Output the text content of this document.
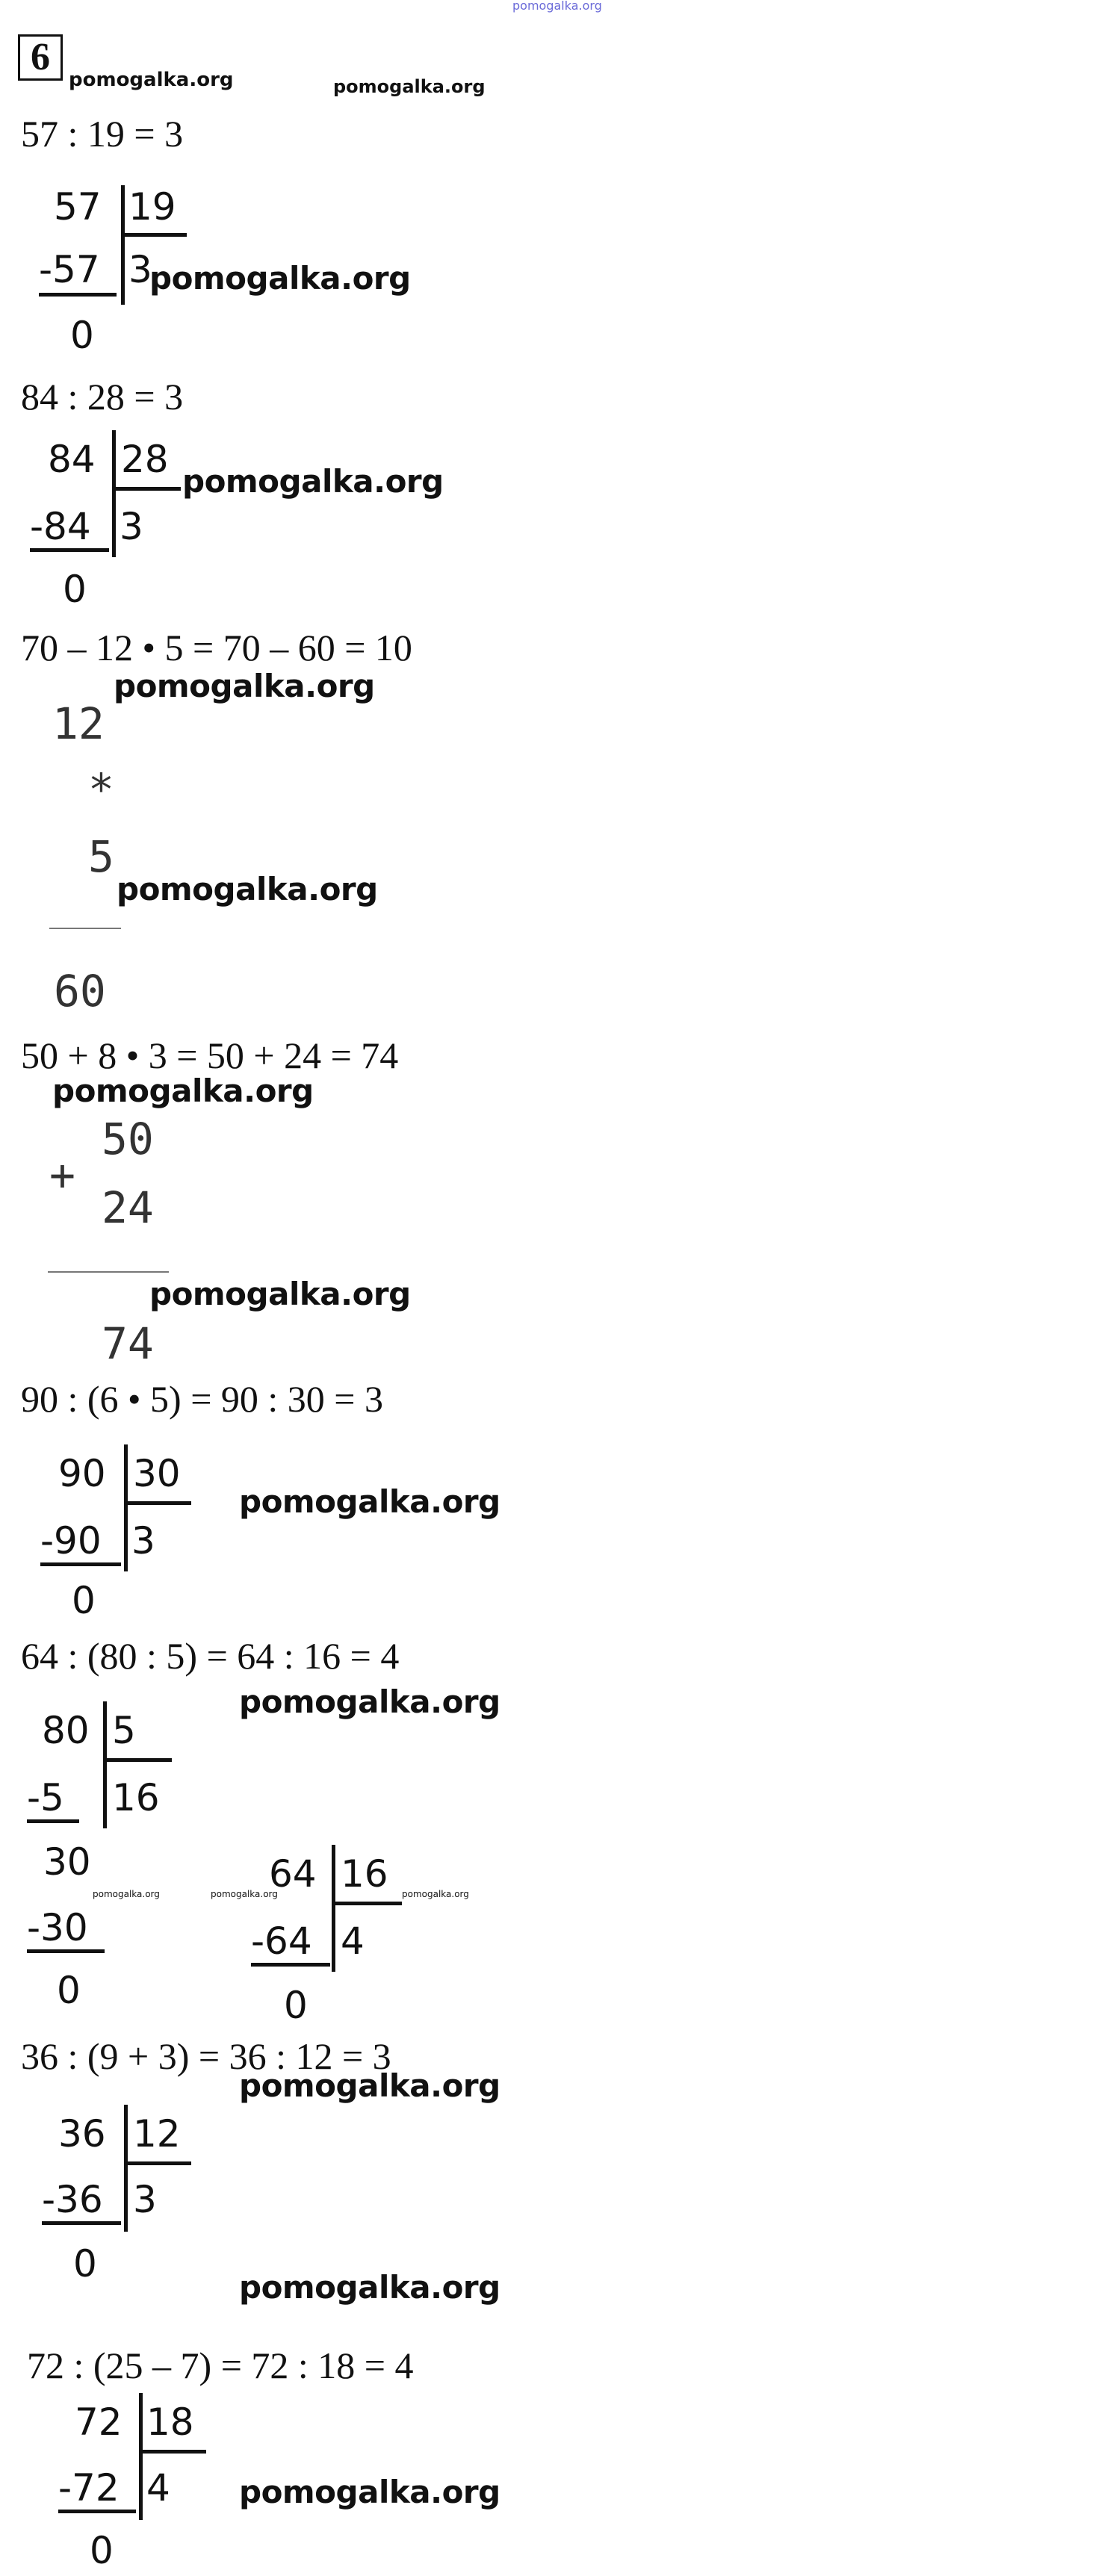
pomogalka.org
6
pomogalka.org	pomogalka.org
57 : 19 = 3
57 19
-57 3
pomogalka.org
0
84 : 28 = 3
84 28
pomogalka.org
-84 3
0
70 – 12 • 5 = 70 – 60 = 10
pomogalka.org
12
*
5
pomogalka.org
60
50 + 8 • 3 = 50 + 24 = 74
pomogalka.org
50
+
24
pomogalka.org
74
90 : (6 • 5) = 90 : 30 = 3
90 30
pomogalka.org
-90 3
0
64 : (80 : 5) = 64 : 16 = 4
pomogalka.org
80 5
-5 16
30
pomogalka.org	pomogalka.org
-30
0
64 16 pomogalka.org
-64 4
0
36 : (9 + 3) = 36 : 12 = 3
pomogalka.org
36 12
-36 3
0
pomogalka.org
72 : (25 – 7) = 72 : 18 = 4
72 18
-72 4 pomogalka.org
0
